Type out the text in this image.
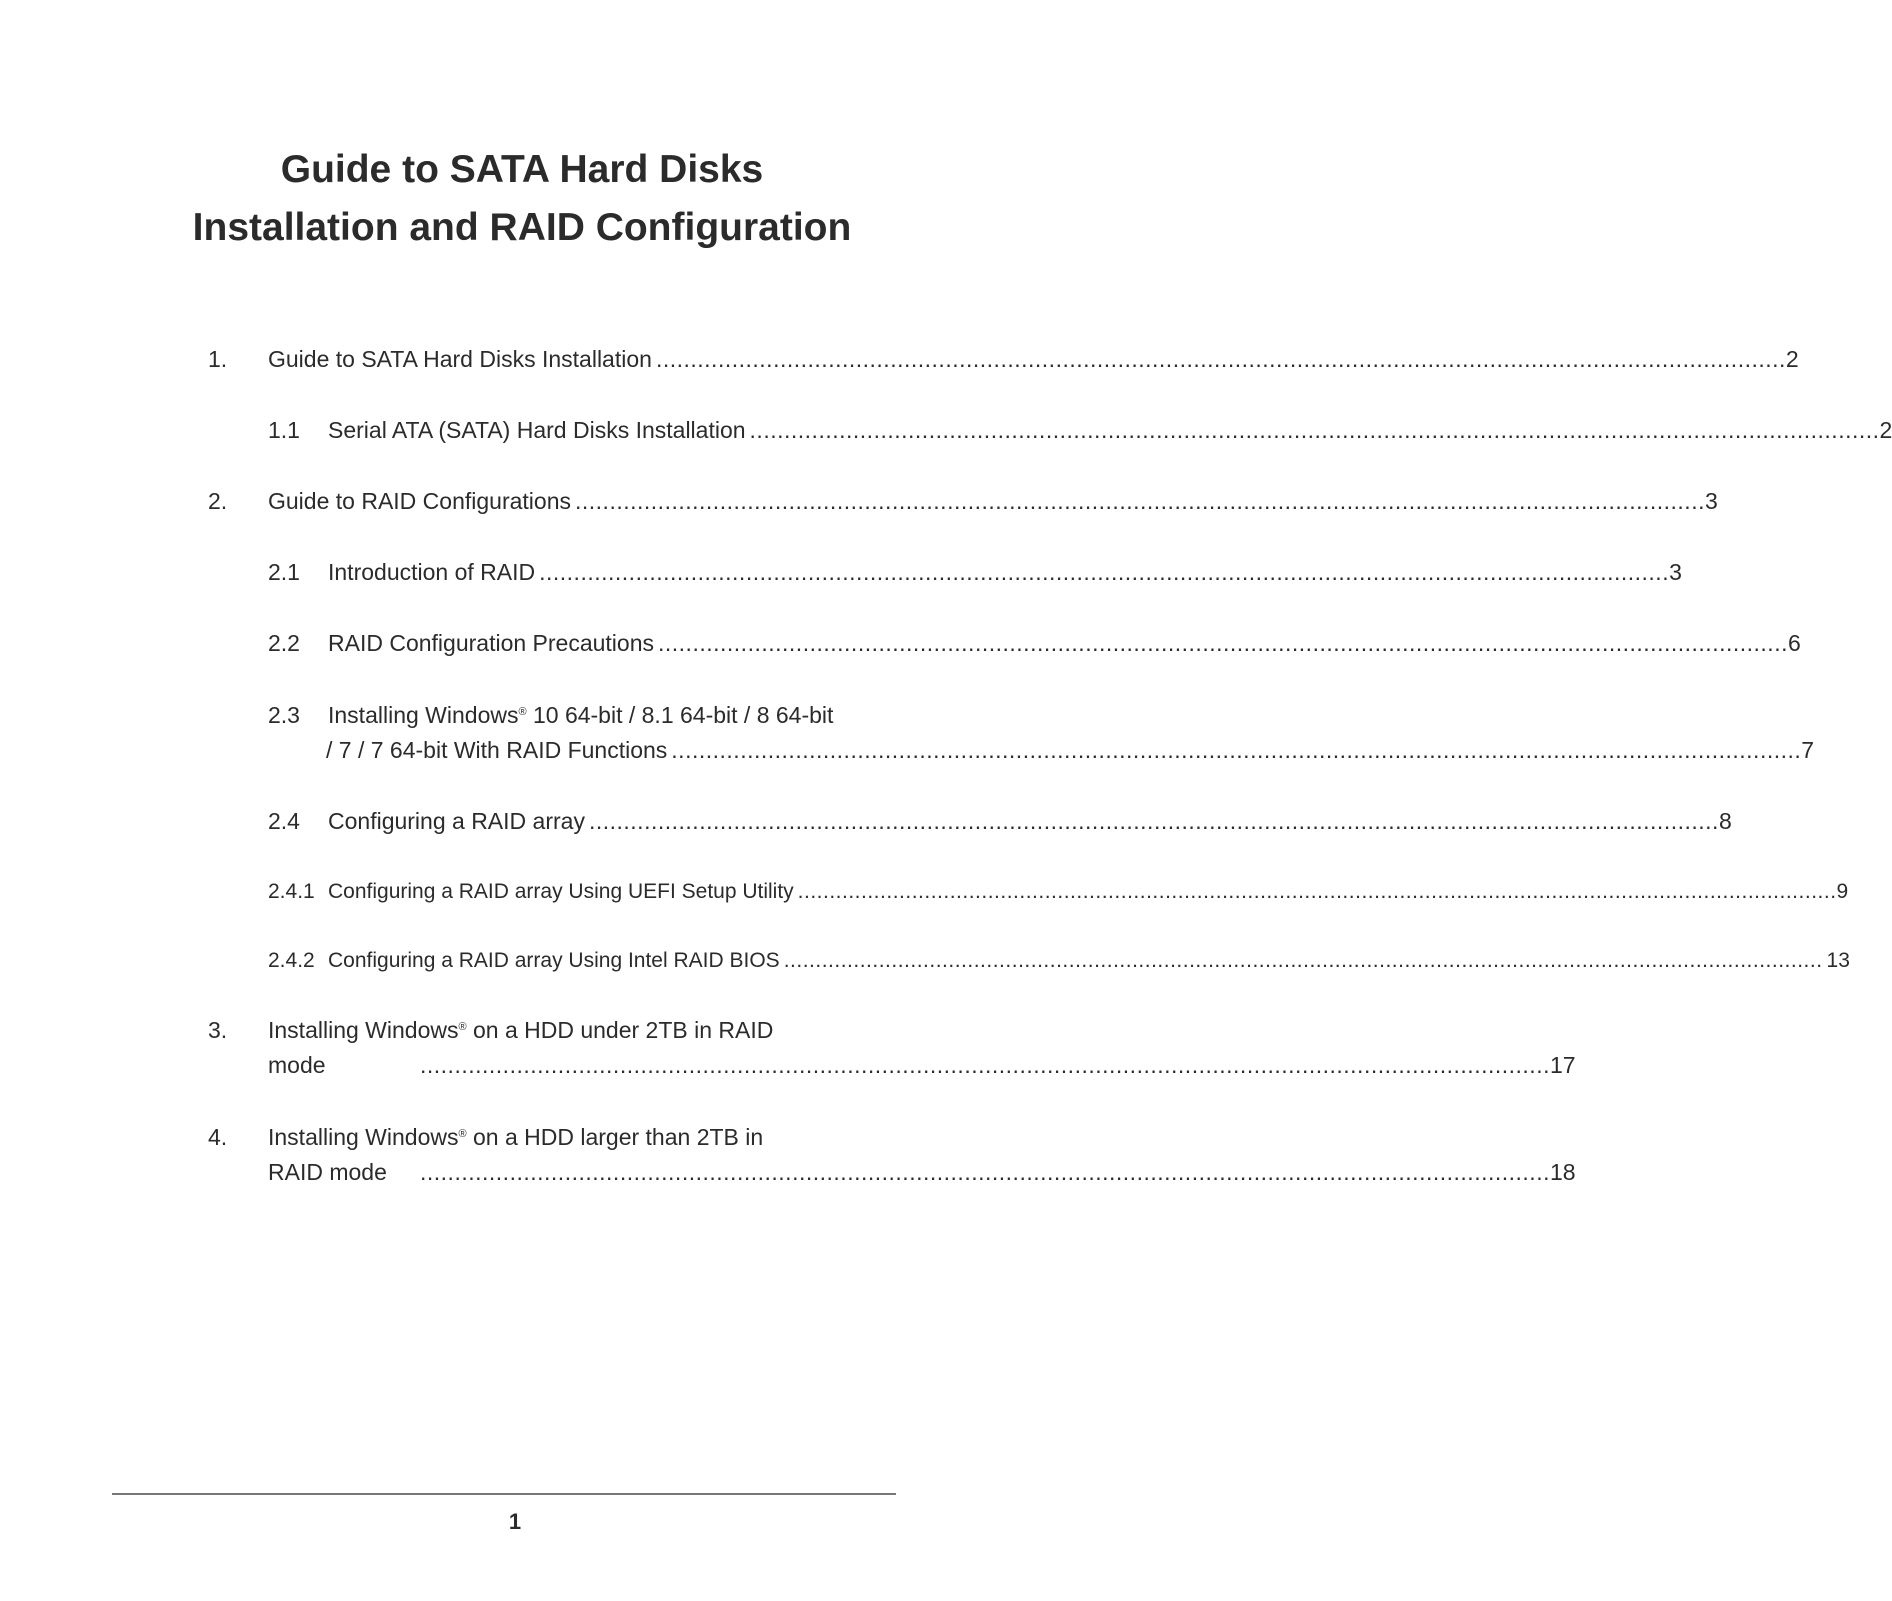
Guide to SATA Hard Disks
Installation and RAID Configuration
1. Guide to SATA Hard Disks Installation .................................................................................................................................................................... 2
1.1 Serial ATA (SATA) Hard Disks Installation .................................................................................................................................................................... 2
2. Guide to RAID Configurations .................................................................................................................................................................... 3
2.1 Introduction of RAID .................................................................................................................................................................... 3
2.2 RAID Configuration Precautions .................................................................................................................................................................... 6
2.3 Installing Windows® 10 64-bit / 8.1 64-bit / 8 64-bit
/ 7 / 7 64-bit With RAID Functions .................................................................................................................................................................... 7
2.4 Configuring a RAID array .................................................................................................................................................................... 8
2.4.1 Configuring a RAID array Using UEFI Setup Utility .................................................................................................................................................................... 9
2.4.2 Configuring a RAID array Using Intel RAID BIOS .................................................................................................................................................................... 13
3. Installing Windows® on a HDD under 2TB in RAID
mode	.................................................................................................................................................................... 17
4. Installing Windows® on a HDD larger than 2TB in
RAID mode .................................................................................................................................................................... 18
1
